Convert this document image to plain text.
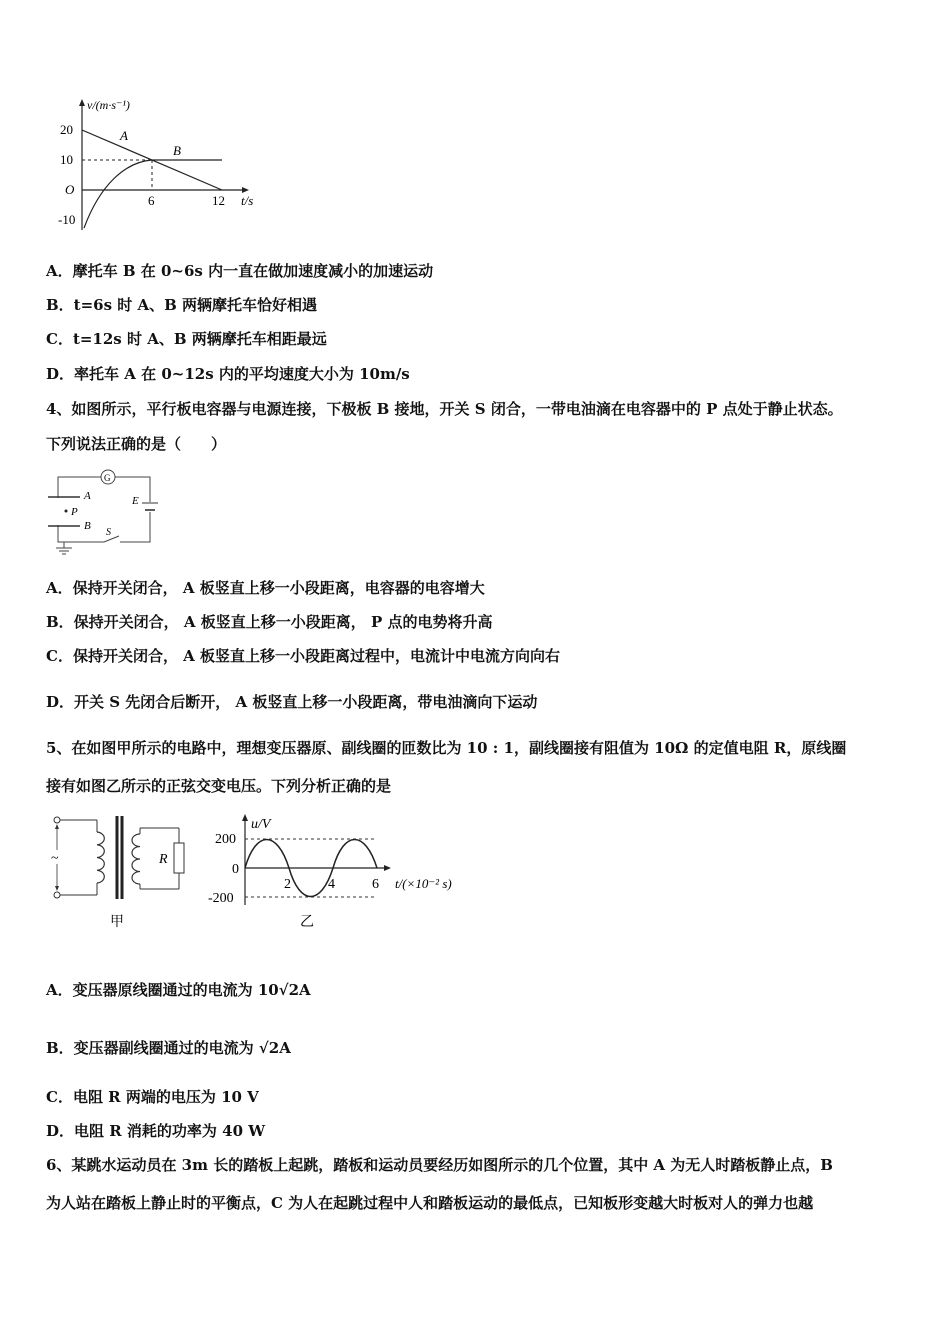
v/(m·s⁻¹)
20
10
O
-10
6	12 t/s
A
B
A．摩托车 B 在 0~6s 内一直在做加速度减小的加速运动
B．t=6s 时 A、B 两辆摩托车恰好相遇
C．t=12s 时 A、B 两辆摩托车相距最远
D．率托车 A 在 0~12s 内的平均速度大小为 10m/s
4、如图所示，平行板电容器与电源连接，下极板 B 接地，开关 S 闭合，一带电油滴在电容器中的 P 点处于静止状态。
下列说法正确的是（　　）
G
A	E
P
B
S
A．保持开关闭合， A 板竖直上移一小段距离，电容器的电容增大
B．保持开关闭合， A 板竖直上移一小段距离， P 点的电势将升高
C．保持开关闭合， A 板竖直上移一小段距离过程中，电流计中电流方向向右
D．开关 S 先闭合后断开， A 板竖直上移一小段距离，带电油滴向下运动
5、在如图甲所示的电路中，理想变压器原、副线圈的匝数比为 10 : 1，副线圈接有阻值为 10Ω 的定值电阻 R，原线圈
接有如图乙所示的正弦交变电压。下列分析正确的是
~	R
甲
u/V
200
0
-200
2	4	6 t/(×10⁻² s)
乙
A．变压器原线圈通过的电流为 10√2A
B．变压器副线圈通过的电流为 √2A
C．电阻 R 两端的电压为 10 V
D．电阻 R 消耗的功率为 40 W
6、某跳水运动员在 3m 长的踏板上起跳，踏板和运动员要经历如图所示的几个位置，其中 A 为无人时踏板静止点，B
为人站在踏板上静止时的平衡点，C 为人在起跳过程中人和踏板运动的最低点，已知板形变越大时板对人的弹力也越
